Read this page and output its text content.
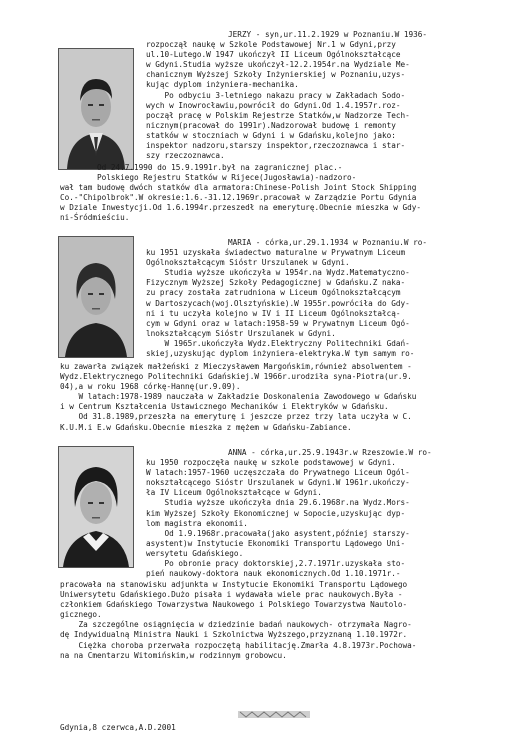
JERZY - syn,ur.11.2.1929 w Poznaniu.W 1936-
rozpoczął naukę w Szkole Podstawowej Nr.1 w Gdyni,przy
ul.10-Lutego.W 1947 ukończył II Liceum Ogólnokształcące
w Gdyni.Studia wyższe ukończył-12.2.1954r.na Wydziale Me-
chanicznym Wyższej Szkoły Inżynierskiej w Poznaniu,uzys-
kując dyplom inżyniera-mechanika.
Po odbyciu 3-letniego nakazu pracy w Zakładach Sodo-
wych w Inowrocławiu,powrócił do Gdyni.Od 1.4.1957r.roz-
począł pracę w Polskim Rejestrze Statków,w Nadzorze Tech-
nicznym(pracował do 1991r).Nadzorował budowę i remonty
statków w stoczniach w Gdyni i w Gdańsku,kolejno jako:
inspektor nadzoru,starszy inspektor,rzeczoznawca i star-
szy rzeczoznawca.
Od 24.7.1990 do 15.9.1991r.był na zagranicznej plac.-
Polskiego Rejestru Statków w Rijece(Jugosławia)-nadzoro-
wał tam budowę dwóch statków dla armatora:Chinese-Polish Joint Stock Shipping
Co.-"Chipolbrok".W okresie:1.6.-31.12.1969r.pracował w Zarządzie Portu Gdynia
w Dziale Inwestycji.Od 1.6.1994r.przeszedł na emeryturę.Obecnie mieszka w Gdy-
ni-Śródmieściu.
MARIA - córka,ur.29.1.1934 w Poznaniu.W ro-
ku 1951 uzyskała świadectwo maturalne w Prywatnym Liceum
Ogólnokształcącym Sióstr Urszulanek w Gdyni.
Studia wyższe ukończyła w 1954r.na Wydz.Matematyczno-
Fizycznym Wyższej Szkoły Pedagogicznej w Gdańsku.Z naka-
zu pracy została zatrudniona w Liceum Ogólnokształcącym
w Dartoszycach(woj.Olsztyńskie).W 1955r.powróciła do Gdy-
ni i tu uczyła kolejno w IV i II Liceum Ogólnokształcą-
cym w Gdyni oraz w latach:1958-59 w Prywatnym Liceum Ogó-
lnokształcącym Sióstr Urszulanek w Gdyni.
W 1965r.ukończyła Wydz.Elektryczny Politechniki Gdań-
skiej,uzyskując dyplom inżyniera-elektryka.W tym samym ro-
ku zawarła związek małżeński z Mieczysławem Margońskim,również absolwentem -
Wydz.Elektrycznego Politechniki Gdańskiej.W 1966r.urodziła syna-Piotra(ur.9.
04),a w roku 1968 córkę-Hannę(ur.9.09).
W latach:1978-1989 nauczała w Zakładzie Doskonalenia Zawodowego w Gdańsku
i w Centrum Kształcenia Ustawicznego Mechaników i Elektryków w Gdańsku.
Od 31.8.1989,przeszła na emeryturę i jeszcze przez trzy lata uczyła w C.
K.U.M.i E.w Gdańsku.Obecnie mieszka z mężem w Gdańsku-Zabiance.
ANNA - córka,ur.25.9.1943r.w Rzeszowie.W ro-
ku 1950 rozpoczęła naukę w szkole podstawowej w Gdyni.
W latach:1957-1960 uczęszczała do Prywatnego Liceum Ogól-
nokształcącego Sióstr Urszulanek w Gdyni.W 1961r.ukończy-
ła IV Liceum Ogólnokształcące w Gdyni.
Studia wyższe ukończyła dnia 29.6.1968r.na Wydz.Mors-
kim Wyższej Szkoły Ekonomicznej w Sopocie,uzyskując dyp-
lom magistra ekonomii.
Od 1.9.1968r.pracowała(jako asystent,później starszy-
asystent)w Instytucie Ekonomiki Transportu Lądowego Uni-
wersytetu Gdańskiego.
Po obronie pracy doktorskiej,2.7.1971r.uzyskała sto-
pień naukowy-doktora nauk ekonomicznych.Od 1.10.1971r.-
pracowała na stanowisku adjunkta w Instytucie Ekonomiki Transportu Lądowego
Uniwersytetu Gdańskiego.Dużo pisała i wydawała wiele prac naukowych.Była -
członkiem Gdańskiego Towarzystwa Naukowego i Polskiego Towarzystwa Nautolo-
gicznego.
Za szczególne osiągnięcia w dziedzinie badań naukowych- otrzymała Nagro-
dę Indywidualną Ministra Nauki i Szkolnictwa Wyższego,przyznaną 1.10.1972r.
Ciężka choroba przerwała rozpoczętą habilitację.Zmarła 4.8.1973r.Pochowa-
na na Cmentarzu Witomińskim,w rodzinnym grobowcu.
Gdynia,8 czerwca,A.D.2001
